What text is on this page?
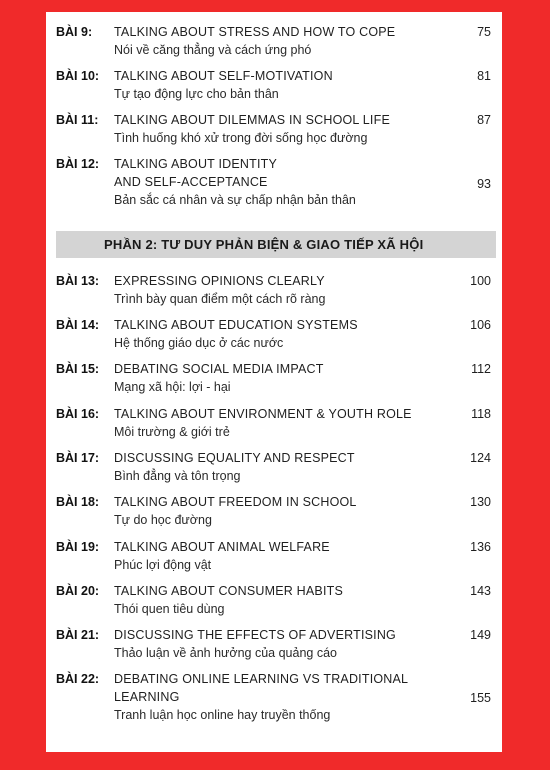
BÀI 9: TALKING ABOUT STRESS AND HOW TO COPE
Nói về căng thẳng và cách ứng phó
75
BÀI 10: TALKING ABOUT SELF-MOTIVATION
Tự tạo động lực cho bản thân
81
BÀI 11: TALKING ABOUT DILEMMAS IN SCHOOL LIFE
Tình huống khó xử trong đời sống học đường
87
BÀI 12: TALKING ABOUT IDENTITY
AND SELF-ACCEPTANCE
Bản sắc cá nhân và sự chấp nhận bản thân
93
PHẦN 2: TƯ DUY PHẢN BIỆN & GIAO TIẾP XÃ HỘI
BÀI 13: EXPRESSING OPINIONS CLEARLY
Trình bày quan điểm một cách rõ ràng
100
BÀI 14: TALKING ABOUT EDUCATION SYSTEMS
Hệ thống giáo dục ở các nước
106
BÀI 15: DEBATING SOCIAL MEDIA IMPACT
Mạng xã hội: lợi - hại
112
BÀI 16: TALKING ABOUT ENVIRONMENT & YOUTH ROLE
Môi trường & giới trẻ
118
BÀI 17: DISCUSSING EQUALITY AND RESPECT
Bình đẳng và tôn trọng
124
BÀI 18: TALKING ABOUT FREEDOM IN SCHOOL
Tự do học đường
130
BÀI 19: TALKING ABOUT ANIMAL WELFARE
Phúc lợi động vật
136
BÀI 20: TALKING ABOUT CONSUMER HABITS
Thói quen tiêu dùng
143
BÀI 21: DISCUSSING THE EFFECTS OF ADVERTISING
Thảo luận về ảnh hưởng của quảng cáo
149
BÀI 22: DEBATING ONLINE LEARNING VS TRADITIONAL
LEARNING
Tranh luận học online hay truyền thống
155
